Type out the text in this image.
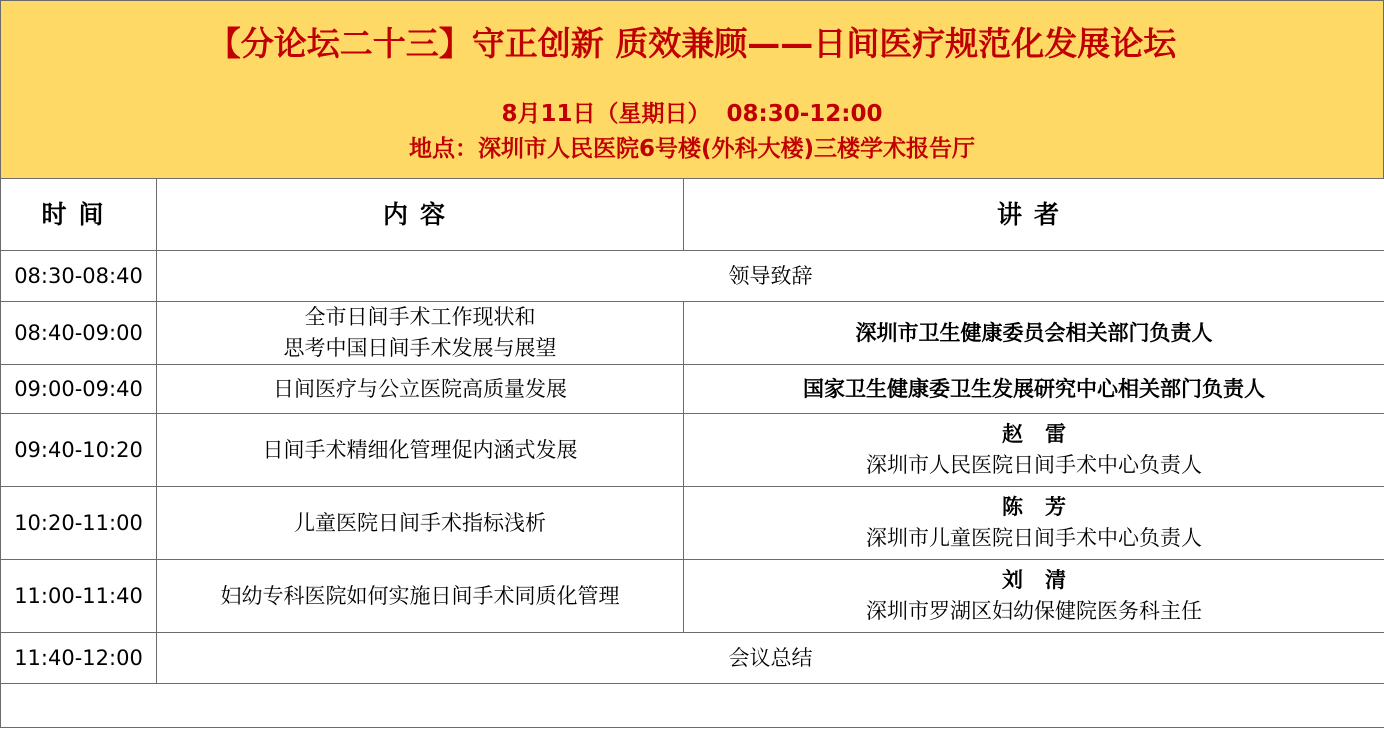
【分论坛二十三】守正创新 质效兼顾——日间医疗规范化发展论坛
8月11日（星期日）  08:30-12:00
地点：深圳市人民医院6号楼(外科大楼)三楼学术报告厅
时间	内容	讲者
08:30-08:40	领导致辞	
08:40-09:00	全市日间手术工作现状和
思考中国日间手术发展与展望	深圳市卫生健康委员会相关部门负责人
09:00-09:40	日间医疗与公立医院高质量发展	国家卫生健康委卫生发展研究中心相关部门负责人
09:40-10:20	日间手术精细化管理促内涵式发展	赵雷
深圳市人民医院日间手术中心负责人

10:20-11:00	儿童医院日间手术指标浅析	陈芳
深圳市儿童医院日间手术中心负责人

11:00-11:40	妇幼专科医院如何实施日间手术同质化管理	刘清
深圳市罗湖区妇幼保健院医务科主任

11:40-12:00	会议总结	
